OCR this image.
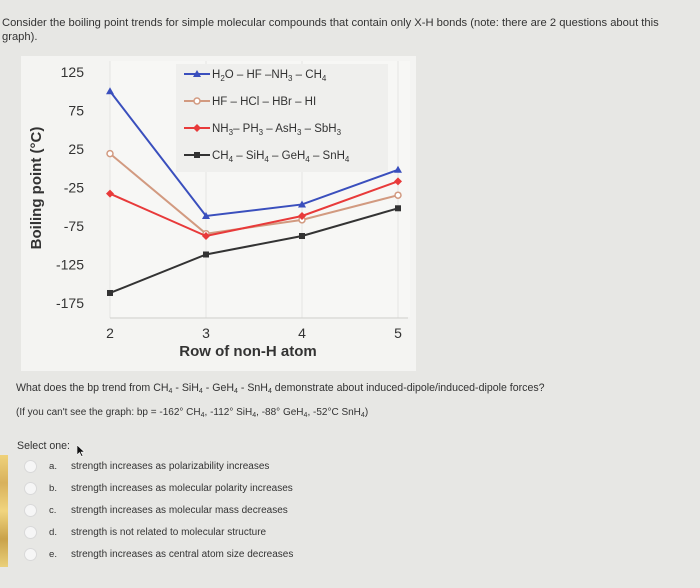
Consider the boiling point trends for simple molecular compounds that contain only X-H bonds (note: there are 2 questions about this graph).
125
75
25
-25
-75
-125
-175
2	3	4	5
Row of non-H atom
Boiling point (°C)
$H_2O$ – HF $-NH_3 - CH_4$
HF – HCl – HBr – HI
$NH_3-$ $PH_3 - AsH_3 - SbH_3$
$CH_4 - SiH_4 - GeH_4 - SnH_4$
What does the bp trend from $CH_4 - SiH_4 - GeH_4 - SnH_4$ demonstrate about induced-dipole/induced-dipole forces?
(If you can't see the graph: bp = -162° $CH_4$, -112° SiH$_4$, -88° GeH$_4$, -52°C SnH$_4$)
Select one:
a.	strength increases as polarizability increases
b.	strength increases as molecular polarity increases
c.	strength increases as molecular mass decreases
d.	strength is not related to molecular structure
e.	strength increases as central atom size decreases
